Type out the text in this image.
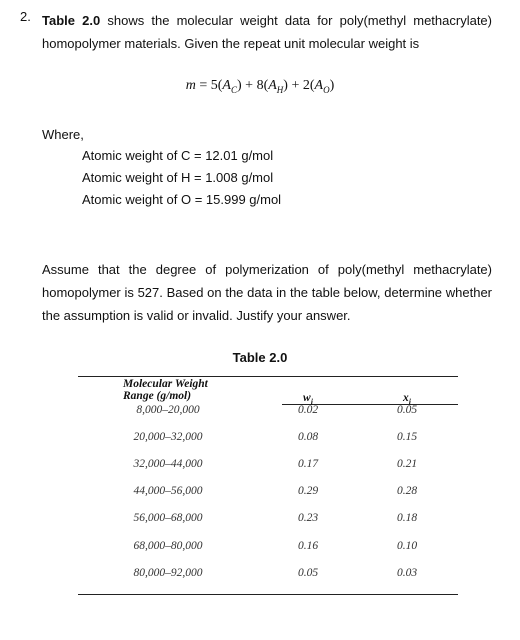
2. Table 2.0 shows the molecular weight data for poly(methyl methacrylate) homopolymer materials. Given the repeat unit molecular weight is
$m = 5(A_C) + 8(A_H) + 2(A_O)$
Where,
Atomic weight of C = 12.01 g/mol
Atomic weight of H = 1.008 g/mol
Atomic weight of O = 15.999 g/mol
Assume that the degree of polymerization of poly(methyl methacrylate) homopolymer is 527. Based on the data in the table below, determine whether the assumption is valid or invalid. Justify your answer.
Table 2.0
Molecular Weight
Range (g/mol)	$w_i$	$x_i$
8,000–20,000	0.02	0.05
20,000–32,000	0.08	0.15
32,000–44,000	0.17	0.21
44,000–56,000	0.29	0.28
56,000–68,000	0.23	0.18
68,000–80,000	0.16	0.10
80,000–92,000	0.05	0.03
